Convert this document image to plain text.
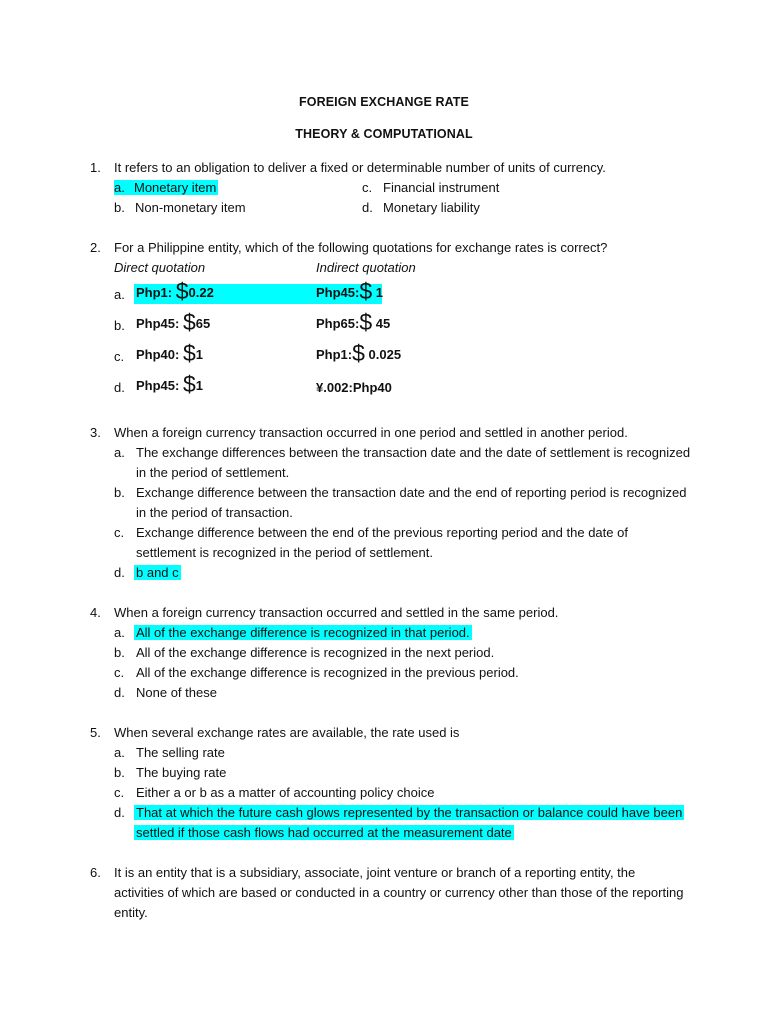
FOREIGN EXCHANGE RATE
THEORY & COMPUTATIONAL
1. It refers to an obligation to deliver a fixed or determinable number of units of currency.
a. Monetary item
b. Non-monetary item
c. Financial instrument
d. Monetary liability
2. For a Philippine entity, which of the following quotations for exchange rates is correct?
Direct quotation	Indirect quotation
a. Php1: $0.22	Php45:$ 1
b. Php45: $65	Php65:$ 45
c. Php40: $1	Php1:$ 0.025
d. Php45: $1	¥.002:Php40
3. When a foreign currency transaction occurred in one period and settled in another period.
a. The exchange differences between the transaction date and the date of settlement is recognized
in the period of settlement.
b. Exchange difference between the transaction date and the end of reporting period is recognized
in the period of transaction.
c. Exchange difference between the end of the previous reporting period and the date of
settlement is recognized in the period of settlement.
d. b and c
4. When a foreign currency transaction occurred and settled in the same period.
a. All of the exchange difference is recognized in that period.
b. All of the exchange difference is recognized in the next period.
c. All of the exchange difference is recognized in the previous period.
d. None of these
5. When several exchange rates are available, the rate used is
a. The selling rate
b. The buying rate
c. Either a or b as a matter of accounting policy choice
d. That at which the future cash glows represented by the transaction or balance could have been
settled if those cash flows had occurred at the measurement date
6. It is an entity that is a subsidiary, associate, joint venture or branch of a reporting entity, the
activities of which are based or conducted in a country or currency other than those of the reporting
entity.
